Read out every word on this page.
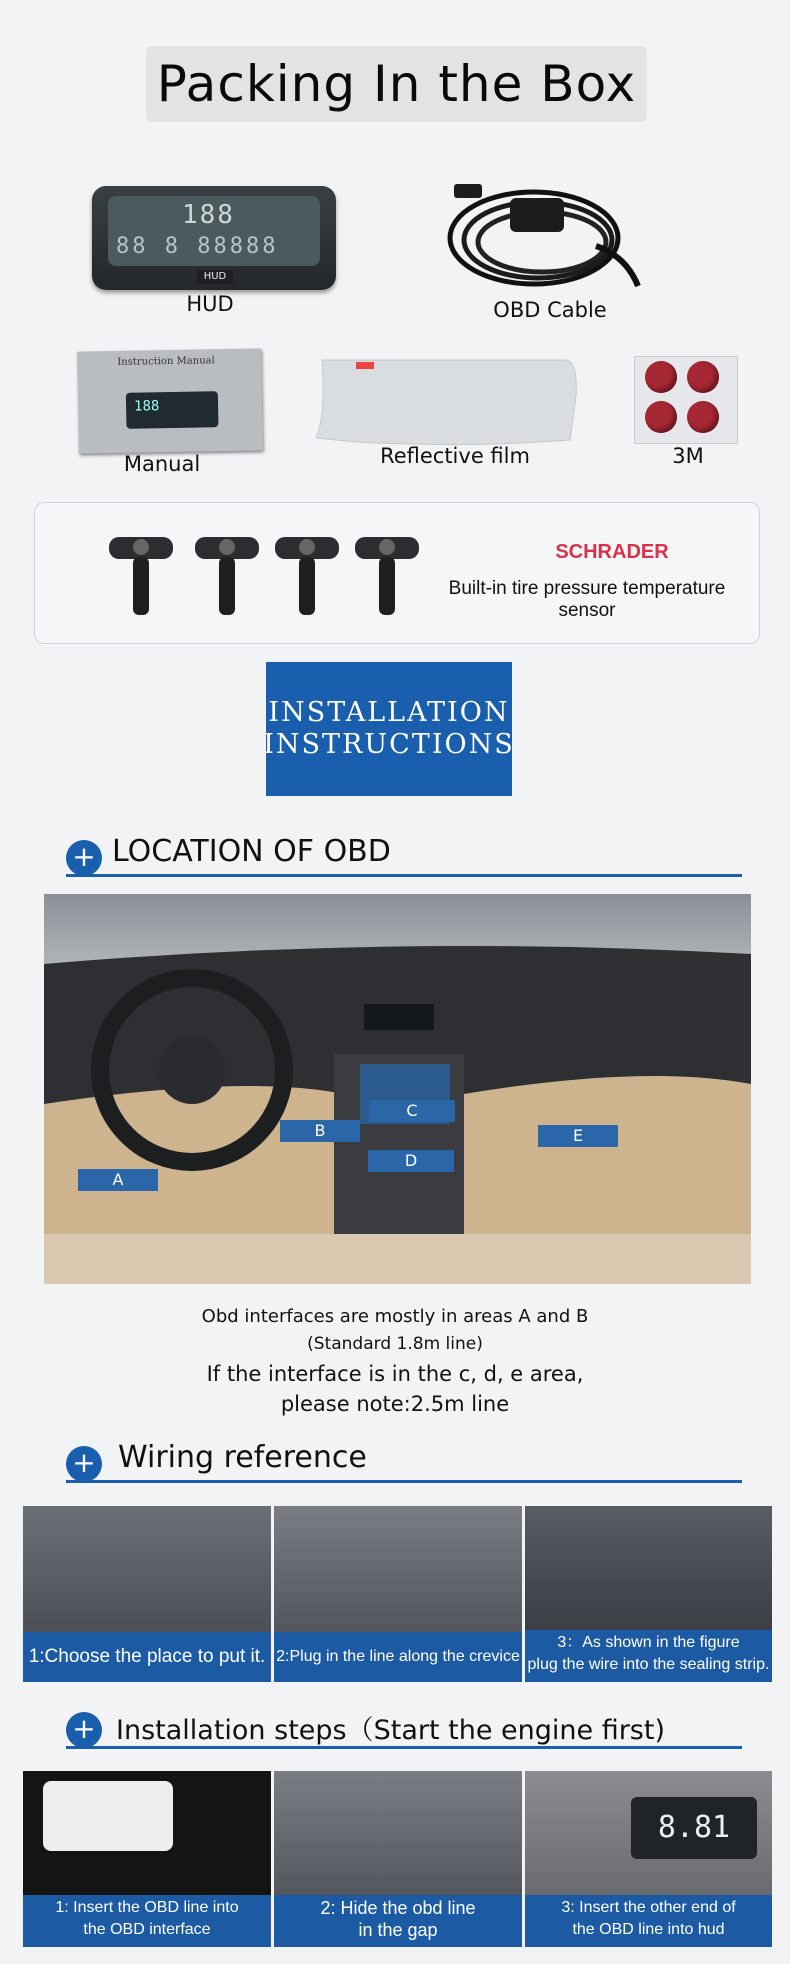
Packing In the Box
188
88 8 88888
HUD
HUD	OBD Cable
Instruction Manual
188
Manual	Reflective film	3M
SCHRADER
Built-in tire pressure temperature sensor
INSTALLATION
INSTRUCTIONS
+ LOCATION OF OBD
A
B
C
D
E
Obd interfaces are mostly in areas A and B
(Standard 1.8m line)
If the interface is in the c, d, e area,
please note:2.5m line
+ Wiring reference
1:Choose the place to put it. 2:Plug in the line along the crevice
3：As shown in the figure
plug the wire into the sealing strip.
+ Installation steps（Start the engine first)
1: Insert the OBD line into
the OBD interface
2: Hide the obd line
in the gap
8.81
3: Insert the other end of
the OBD line into hud
